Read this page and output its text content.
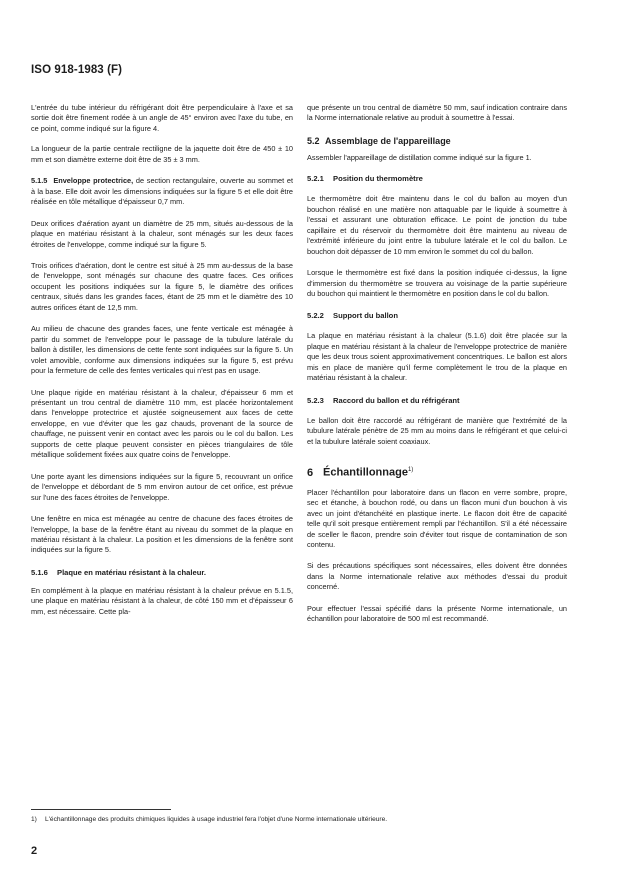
ISO 918-1983 (F)

L'entrée du tube intérieur du réfrigérant doit être perpendiculaire à l'axe et sa sortie doit être finement rodée à un angle de 45° environ avec l'axe du tube, en ce point, comme indiqué sur la figure 4.

La longueur de la partie centrale rectiligne de la jaquette doit être de 450 ± 10 mm et son diamètre externe doit être de 35 ± 3 mm.

5.1.5 Enveloppe protectrice, de section rectangulaire, ouverte au sommet et à la base. Elle doit avoir les dimensions indiquées sur la figure 5 et elle doit être réalisée en tôle métallique d'épaisseur 0,7 mm.

Deux orifices d'aération ayant un diamètre de 25 mm, situés au-dessous de la plaque en matériau résistant à la chaleur, sont ménagés sur les deux faces étroites de l'enveloppe, comme indiqué sur la figure 5.

Trois orifices d'aération, dont le centre est situé à 25 mm au-dessus de la base de l'enveloppe, sont ménagés sur chacune des quatre faces. Ces orifices occupent les positions indiquées sur la figure 5, le diamètre des orifices centraux, situés dans les grandes faces, étant de 25 mm et le diamètre des 10 autres orifices étant de 12,5 mm.

Au milieu de chacune des grandes faces, une fente verticale est ménagée à partir du sommet de l'enveloppe pour le passage de la tubulure latérale du ballon à distiller, les dimensions de cette fente sont indiquées sur la figure 5. Un volet amovible, conforme aux dimensions indiquées sur la figure 5, est prévu pour la fermeture de celle des fentes verticales qui n'est pas en usage.

Une plaque rigide en matériau résistant à la chaleur, d'épaisseur 6 mm et présentant un trou central de diamètre 110 mm, est placée horizontalement dans l'enveloppe protectrice et ajustée soigneusement aux faces de cette enveloppe, en vue d'éviter que les gaz chauds, provenant de la source de chauffage, ne puissent venir en contact avec les parois ou le col du ballon. Les supports de cette plaque peuvent consister en pièces triangulaires de tôle métallique solidement fixées aux quatre coins de l'enveloppe.

Une porte ayant les dimensions indiquées sur la figure 5, recouvrant un orifice de l'enveloppe et débordant de 5 mm environ autour de cet orifice, est prévue sur l'une des faces étroites de l'enveloppe.

Une fenêtre en mica est ménagée au centre de chacune des faces étroites de l'enveloppe, la base de la fenêtre étant au niveau du sommet de la plaque en matériau résistant à la chaleur. La position et les dimensions de la fenêtre sont indiquées sur la figure 5.

5.1.6 Plaque en matériau résistant à la chaleur.

En complément à la plaque en matériau résistant à la chaleur prévue en 5.1.5, une plaque en matériau résistant à la chaleur, de côté 150 mm et d'épaisseur 6 mm, est nécessaire. Cette pla-

que présente un trou central de diamètre 50 mm, sauf indication contraire dans la Norme internationale relative au produit à soumettre à l'essai.

5.2 Assemblage de l'appareillage

Assembler l'appareillage de distillation comme indiqué sur la figure 1.

5.2.1 Position du thermomètre

Le thermomètre doit être maintenu dans le col du ballon au moyen d'un bouchon réalisé en une matière non attaquable par le liquide à soumettre à l'essai et assurant une obturation efficace. Le point de jonction du tube capillaire et du réservoir du thermomètre doit être maintenu au niveau de l'extrémité inférieure du joint entre la tubulure latérale et le col du ballon. Le bouchon doit dépasser de 10 mm environ le sommet du col du ballon.

Lorsque le thermomètre est fixé dans la position indiquée ci-dessus, la ligne d'immersion du thermomètre se trouvera au voisinage de la partie supérieure du bouchon qui maintient le thermomètre en position dans le col du ballon.

5.2.2 Support du ballon

La plaque en matériau résistant à la chaleur (5.1.6) doit être placée sur la plaque en matériau résistant à la chaleur de l'enveloppe protectrice de manière que les deux trous soient approximativement concentriques. Le ballon est alors mis en place de manière qu'il ferme complètement le trou de la plaque en matériau résistant à la chaleur.

5.2.3 Raccord du ballon et du réfrigérant

Le ballon doit être raccordé au réfrigérant de manière que l'extrémité de la tubulure latérale pénètre de 25 mm au moins dans le réfrigérant et que celui-ci et la tubulure latérale soient coaxiaux.

6 Échantillonnage$^{1)}$

Placer l'échantillon pour laboratoire dans un flacon en verre sombre, propre, sec et étanche, à bouchon rodé, ou dans un flacon muni d'un bouchon à vis avec un joint d'étanchéité en plastique inerte. Le flacon doit être de capacité telle qu'il soit presque entièrement rempli par l'échantillon. S'il a été nécessaire de sceller le flacon, prendre soin d'éviter tout risque de contamination de son contenu.

Si des précautions spécifiques sont nécessaires, elles doivent être données dans la Norme internationale relative aux méthodes d'essai du produit concerné.

Pour effectuer l'essai spécifié dans la présente Norme internationale, un échantillon pour laboratoire de 500 ml est recommandé.

1) L'échantillonnage des produits chimiques liquides à usage industriel fera l'objet d'une Norme internationale ultérieure.
2
